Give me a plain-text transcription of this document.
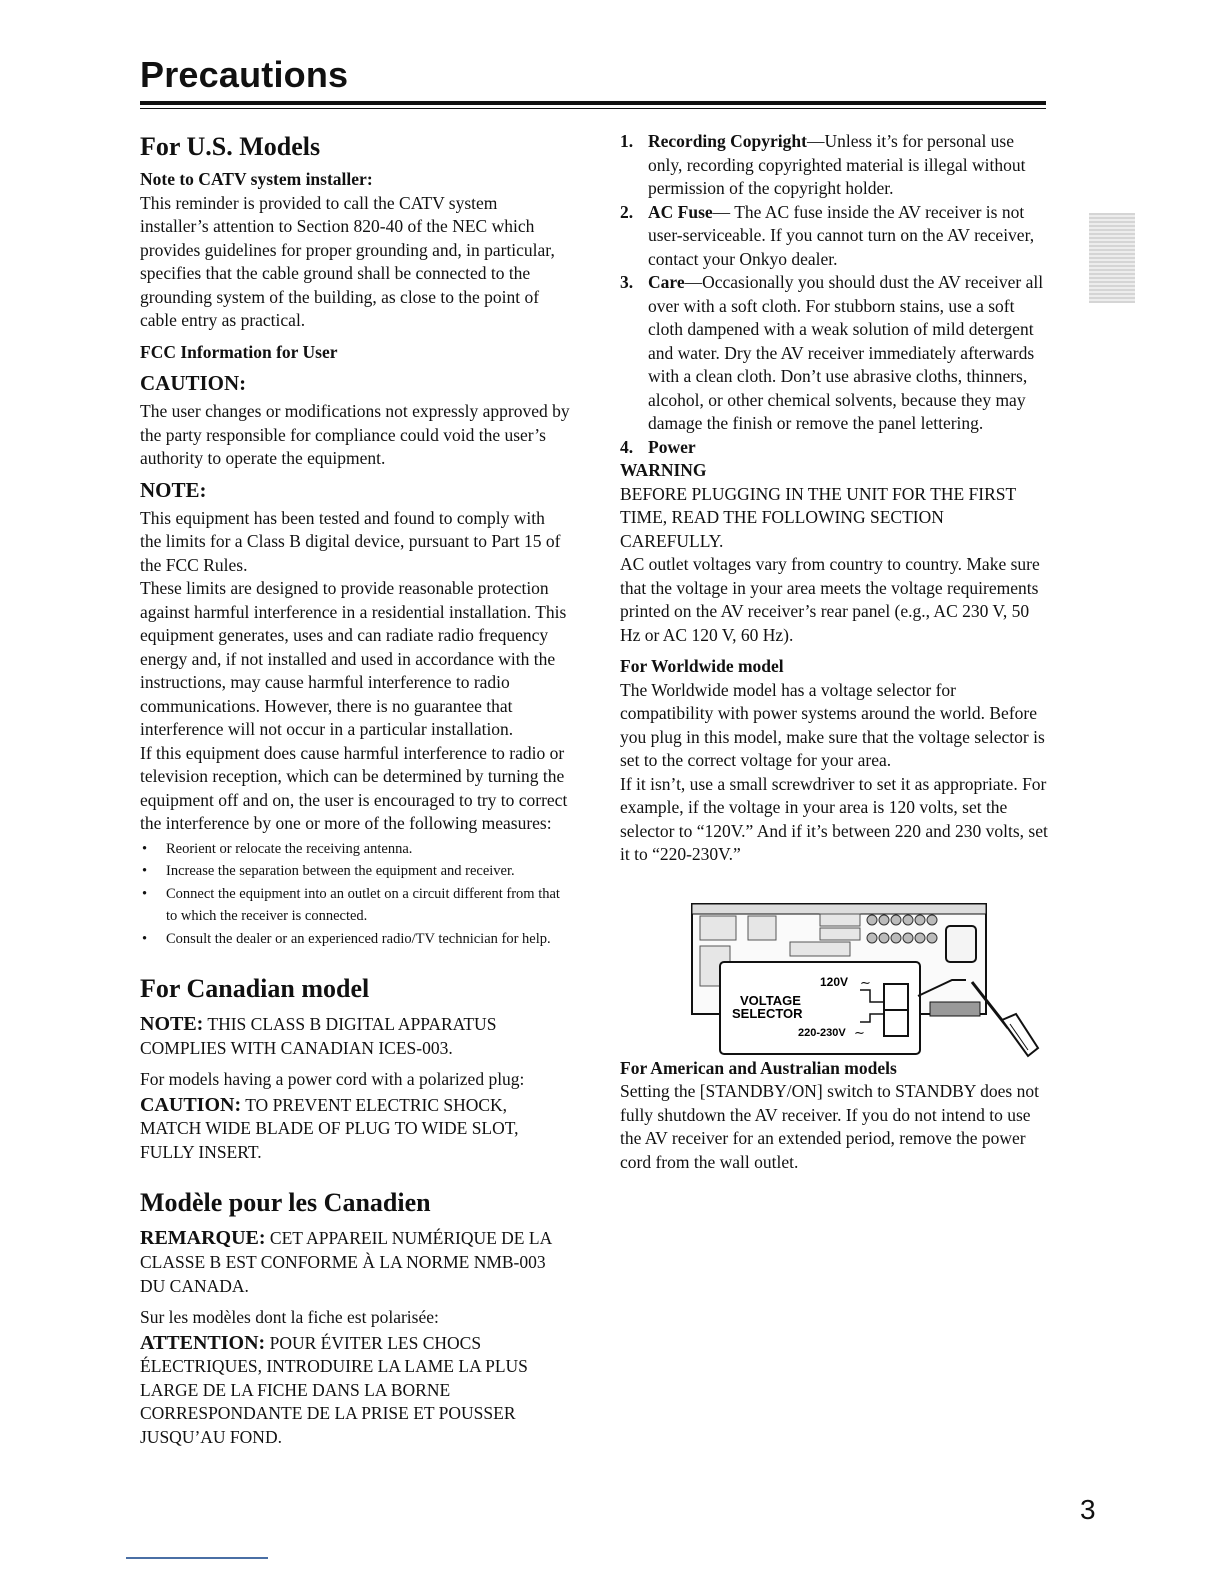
Precautions
For U.S. Models

Note to CATV system installer:

This reminder is provided to call the CATV system installer’s attention to Section 820-40 of the NEC which provides guidelines for proper grounding and, in particular, specifies that the cable ground shall be connected to the grounding system of the building, as close to the point of cable entry as practical.

FCC Information for User

CAUTION:

The user changes or modifications not expressly approved by the party responsible for compliance could void the user’s authority to operate the equipment.

NOTE:

This equipment has been tested and found to comply with the limits for a Class B digital device, pursuant to Part 15 of the FCC Rules.

These limits are designed to provide reasonable protection against harmful interference in a residential installation. This equipment generates, uses and can radiate radio frequency energy and, if not installed and used in accordance with the instructions, may cause harmful interference to radio communications. However, there is no guarantee that interference will not occur in a particular installation.

If this equipment does cause harmful interference to radio or television reception, which can be determined by turning the equipment off and on, the user is encouraged to try to correct the interference by one or more of the following measures:

• Reorient or relocate the receiving antenna.
• Increase the separation between the equipment and receiver.
• Connect the equipment into an outlet on a circuit different from that to which the receiver is connected.
• Consult the dealer or an experienced radio/TV technician for help.
For Canadian model

NOTE: THIS CLASS B DIGITAL APPARATUS COMPLIES WITH CANADIAN ICES-003.

For models having a power cord with a polarized plug:

CAUTION: TO PREVENT ELECTRIC SHOCK, MATCH WIDE BLADE OF PLUG TO WIDE SLOT, FULLY INSERT.

Modèle pour les Canadien

REMARQUE: CET APPAREIL NUMÉRIQUE DE LA CLASSE B EST CONFORME À LA NORME NMB-003 DU CANADA.

Sur les modèles dont la fiche est polarisée:

ATTENTION: POUR ÉVITER LES CHOCS ÉLECTRIQUES, INTRODUIRE LA LAME LA PLUS LARGE DE LA FICHE DANS LA BORNE CORRESPONDANTE DE LA PRISE ET POUSSER JUSQU’AU FOND.

1. Recording Copyright—Unless it’s for personal use only, recording copyrighted material is illegal without permission of the copyright holder.
2. AC Fuse— The AC fuse inside the AV receiver is not user-serviceable. If you cannot turn on the AV receiver, contact your Onkyo dealer.
3. Care—Occasionally you should dust the AV receiver all over with a soft cloth. For stubborn stains, use a soft cloth dampened with a weak solution of mild detergent and water. Dry the AV receiver immediately afterwards with a clean cloth. Don’t use abrasive cloths, thinners, alcohol, or other chemical solvents, because they may damage the finish or remove the panel lettering.
4. Power

WARNING

BEFORE PLUGGING IN THE UNIT FOR THE FIRST TIME, READ THE FOLLOWING SECTION CAREFULLY.

AC outlet voltages vary from country to country. Make sure that the voltage in your area meets the voltage requirements printed on the AV receiver’s rear panel (e.g., AC 230 V, 50 Hz or AC 120 V, 60 Hz).

For Worldwide model

The Worldwide model has a voltage selector for compatibility with power systems around the world. Before you plug in this model, make sure that the voltage selector is set to the correct voltage for your area.

If it isn’t, use a small screwdriver to set it as appropriate. For example, if the voltage in your area is 120 volts, set the selector to “120V.” And if it’s between 220 and 230 volts, set it to “220-230V.”

For American and Australian models

Setting the [STANDBY/ON] switch to STANDBY does not fully shutdown the AV receiver. If you do not intend to use the AV receiver for an extended period, remove the power cord from the wall outlet.

120V ∼
VOLTAGE
SELECTOR
220-230V ∼
3
